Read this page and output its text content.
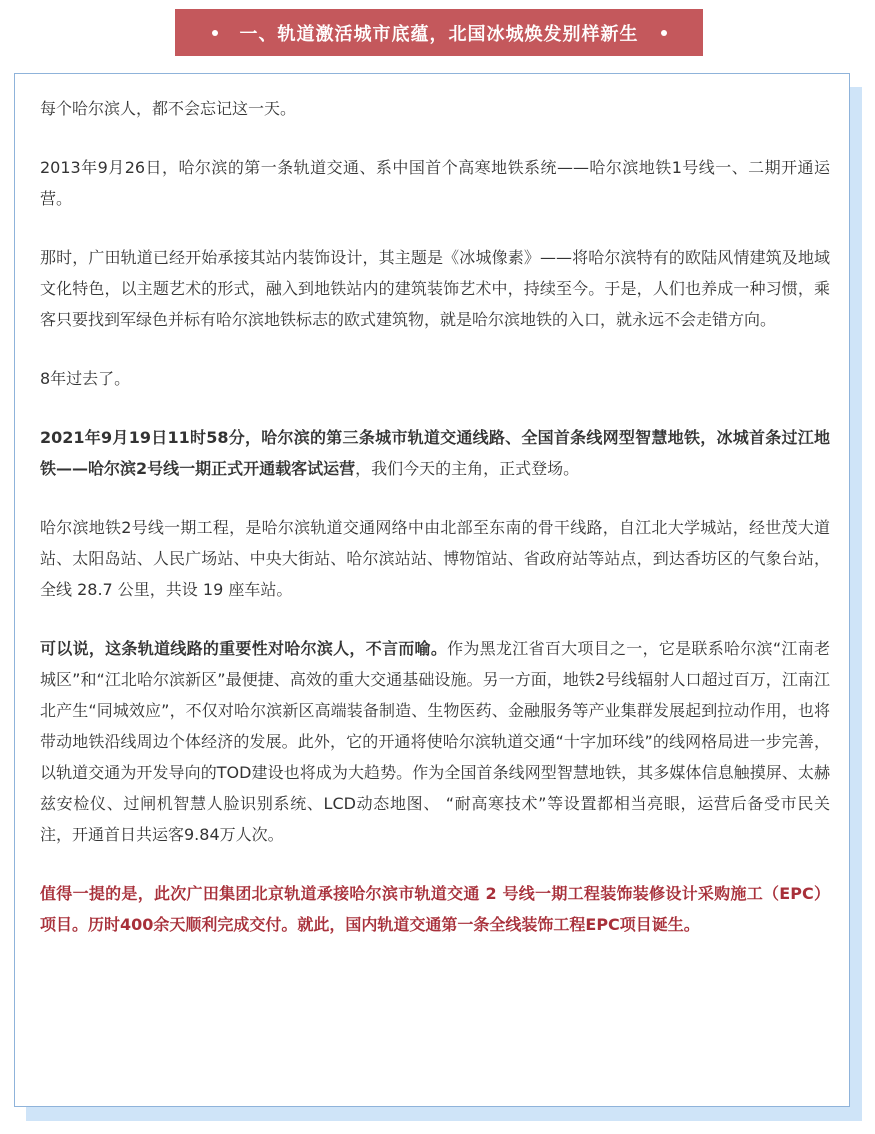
一、轨道激活城市底蕴，北国冰城焕发别样新生

每个哈尔滨人，都不会忘记这一天。

2013年9月26日，哈尔滨的第一条轨道交通、系中国首个高寒地铁系统——哈尔滨地铁1号线一、二期开通运营。

那时，广田轨道已经开始承接其站内装饰设计，其主题是《冰城像素》——将哈尔滨特有的欧陆风情建筑及地域文化特色，以主题艺术的形式，融入到地铁站内的建筑装饰艺术中，持续至今。于是，人们也养成一种习惯，乘客只要找到军绿色并标有哈尔滨地铁标志的欧式建筑物，就是哈尔滨地铁的入口，就永远不会走错方向。

8年过去了。

2021年9月19日11时58分，哈尔滨的第三条城市轨道交通线路、全国首条线网型智慧地铁，冰城首条过江地铁——哈尔滨2号线一期正式开通载客试运营，我们今天的主角，正式登场。

哈尔滨地铁2号线一期工程，是哈尔滨轨道交通网络中由北部至东南的骨干线路，自江北大学城站，经世茂大道站、太阳岛站、人民广场站、中央大街站、哈尔滨站站、博物馆站、省政府站等站点，到达香坊区的气象台站，全线 28.7 公里，共设 19 座车站。

可以说，这条轨道线路的重要性对哈尔滨人，不言而喻。作为黑龙江省百大项目之一，它是联系哈尔滨“江南老城区”和“江北哈尔滨新区”最便捷、高效的重大交通基础设施。另一方面，地铁2号线辐射人口超过百万，江南江北产生“同城效应”，不仅对哈尔滨新区高端装备制造、生物医药、金融服务等产业集群发展起到拉动作用，也将带动地铁沿线周边个体经济的发展。此外，它的开通将使哈尔滨轨道交通“十字加环线”的线网格局进一步完善，以轨道交通为开发导向的TOD建设也将成为大趋势。作为全国首条线网型智慧地铁，其多媒体信息触摸屏、太赫兹安检仪、过闸机智慧人脸识别系统、LCD动态地图、 “耐高寒技术”等设置都相当亮眼，运营后备受市民关注，开通首日共运客9.84万人次。

值得一提的是，此次广田集团北京轨道承接哈尔滨市轨道交通 2 号线一期工程装饰装修设计采购施工（EPC）项目。历时400余天顺利完成交付。就此，国内轨道交通第一条全线装饰工程EPC项目诞生。
